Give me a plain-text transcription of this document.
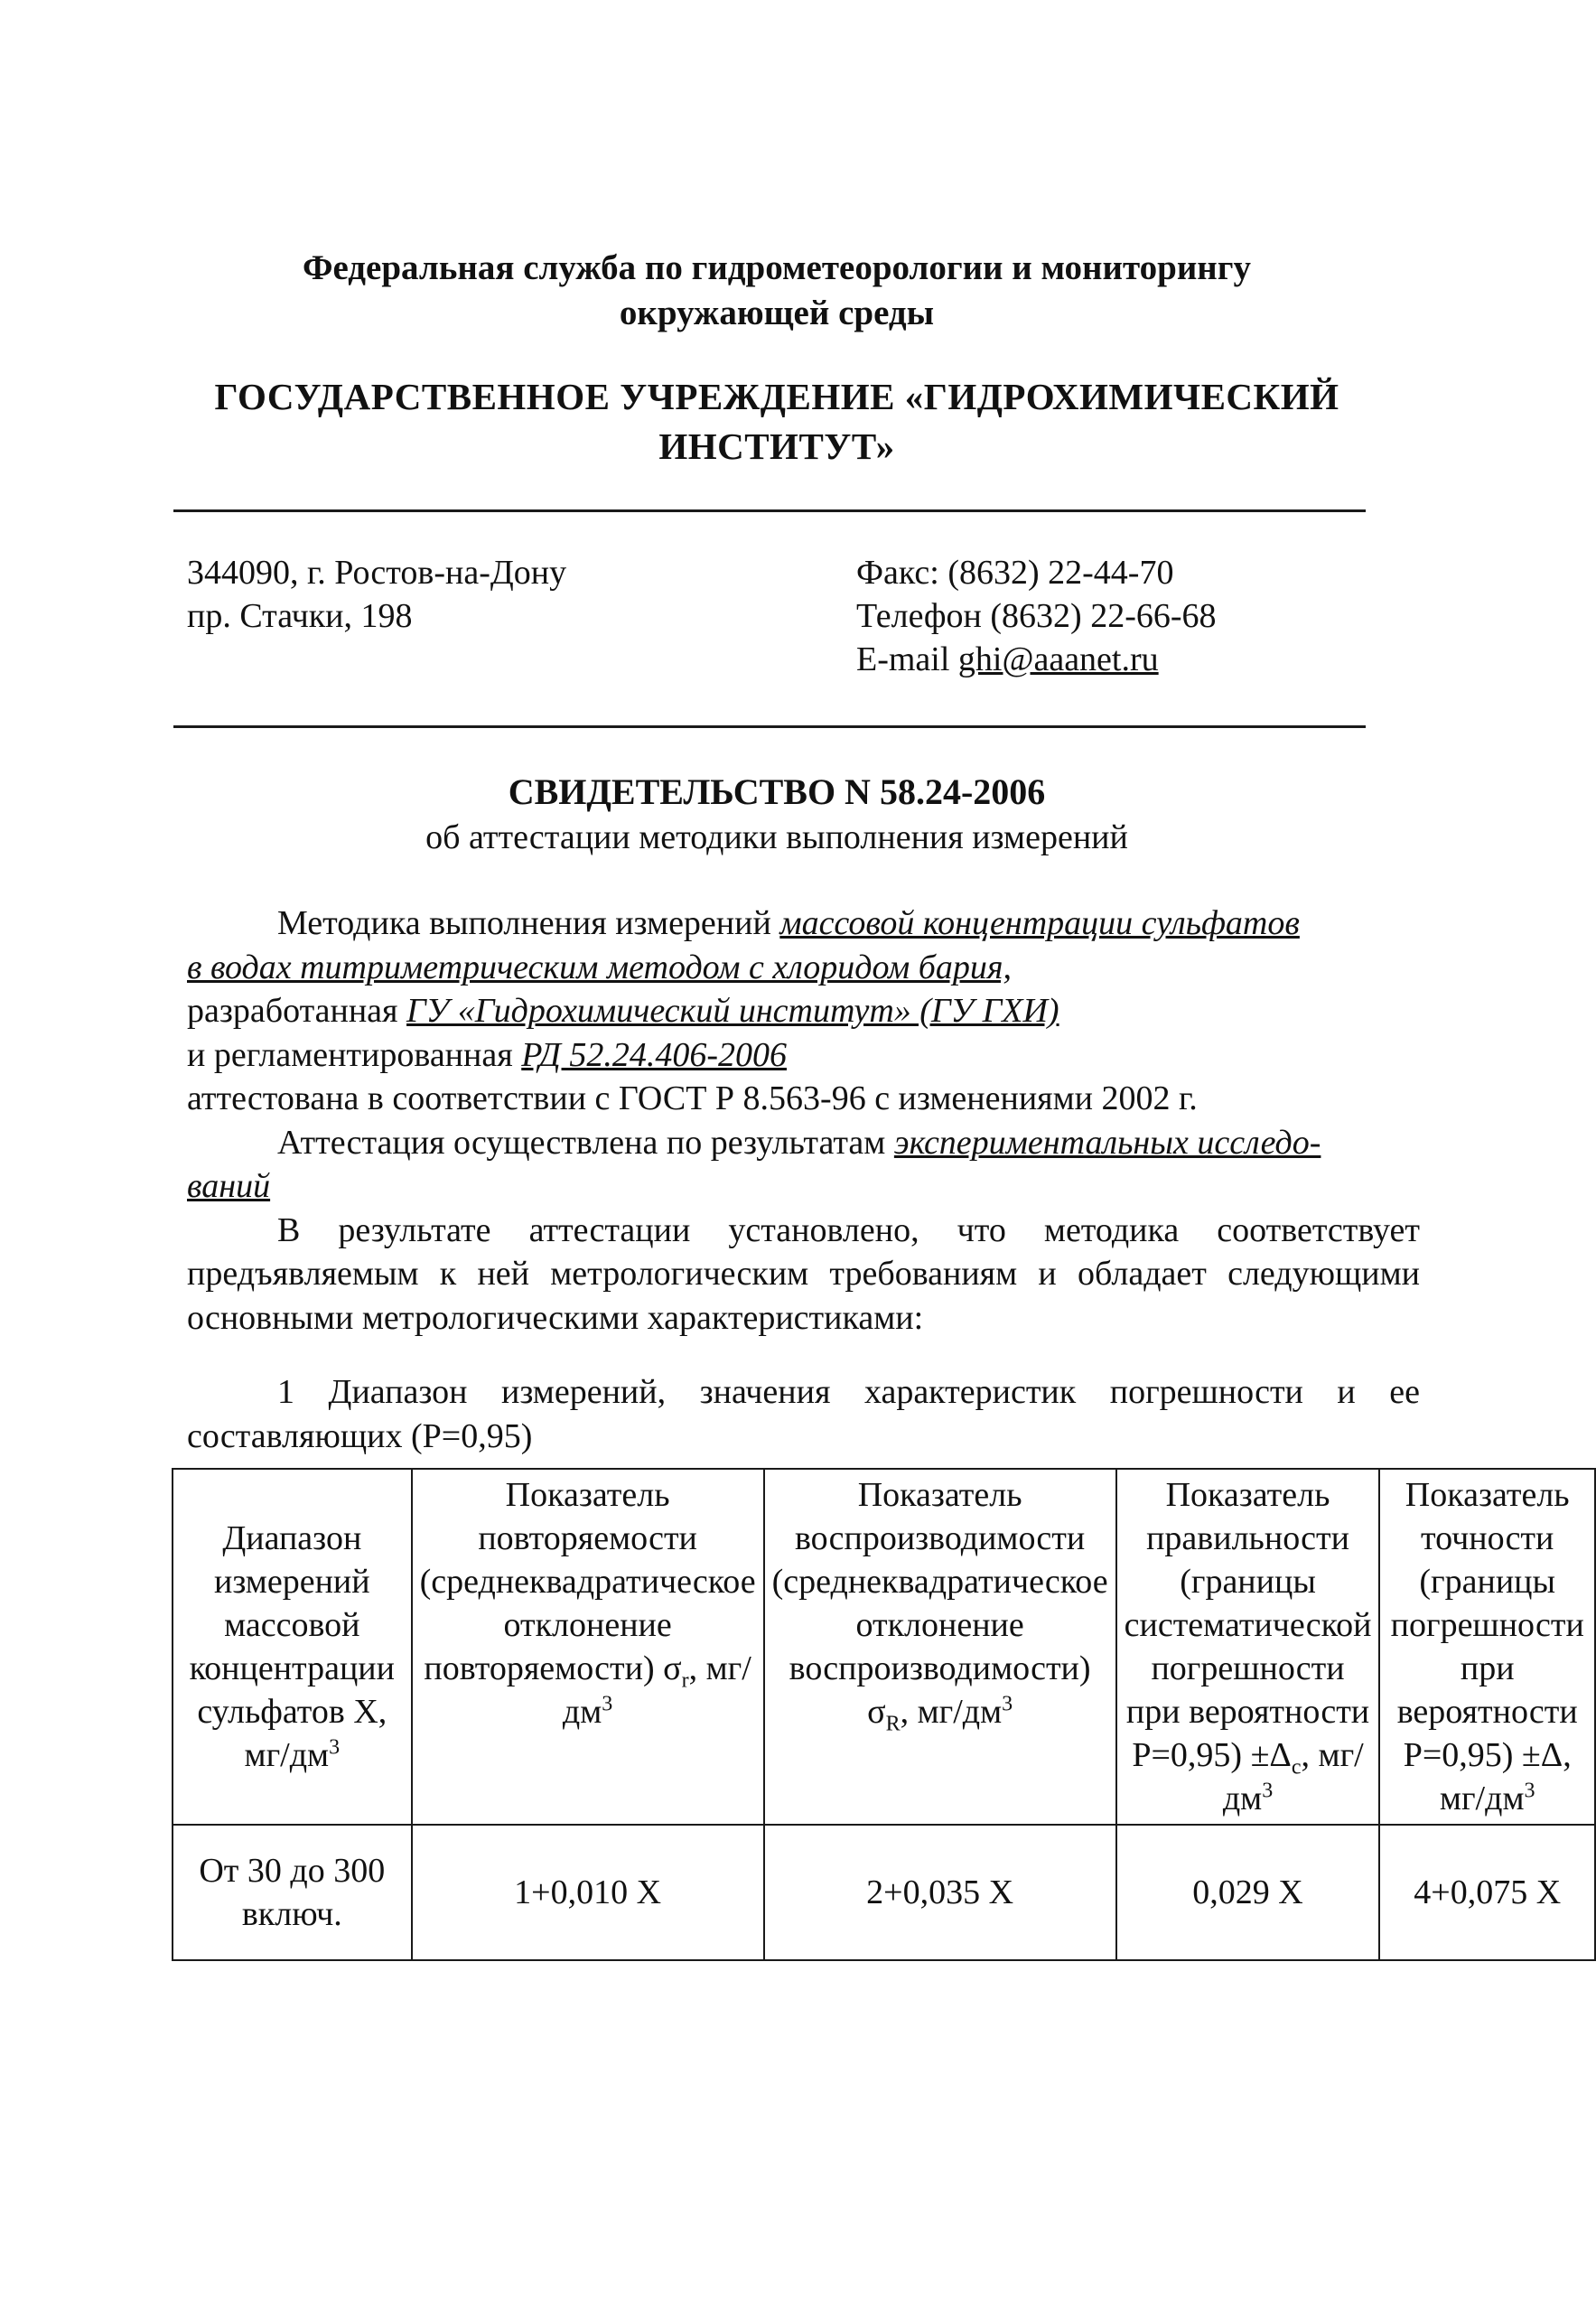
Федеральная служба по гидрометеорологии и мониторингу
окружающей среды
ГОСУДАРСТВЕННОЕ УЧРЕЖДЕНИЕ «ГИДРОХИМИЧЕСКИЙ
ИНСТИТУТ»
344090, г. Ростов-на-Дону
пр. Стачки, 198
Факс: (8632) 22-44-70
Телефон (8632) 22-66-68
E-mail ghi@aaanet.ru
СВИДЕТЕЛЬСТВО N 58.24-2006
об аттестации методики выполнения измерений

Методика выполнения измерений массовой концентрации сульфатов
в водах титриметрическим методом с хлоридом бария,
разработанная ГУ «Гидрохимический институт» (ГУ ГХИ)
и регламентированная РД 52.24.406-2006
аттестована в соответствии с ГОСТ Р 8.563-96 с изменениями 2002 г.

Аттестация осуществлена по результатам экспериментальных исследо-
ваний

В результате аттестации установлено, что методика соответствует предъявляемым к ней метрологическим требованиям и обладает следующими основными метрологическими характеристиками:

1 Диапазон измерений, значения характеристик погрешности и ее составляющих (P=0,95)

Диапазон измерений массовой концентрации сульфатов X, $мг/дм^3$	Показатель повторяемости (среднеквадратическое отклонение повторяемости) $\sigma_r$, $мг/дм^3$	Показатель воспроизводимости (среднеквадратическое отклонение воспроизводимости) $\sigma_R$, $мг/дм^3$	Показатель правильности (границы систематической погрешности при вероятности $P=0,95) \pm\Delta_c$, $мг/дм^3$	Показатель точности (границы погрешности при вероятности P=0,95) ±Δ, $мг/дм^3$
От 30 до 300 включ.	1+0,010 X	2+0,035 X	0,029 X	4+0,075 X
